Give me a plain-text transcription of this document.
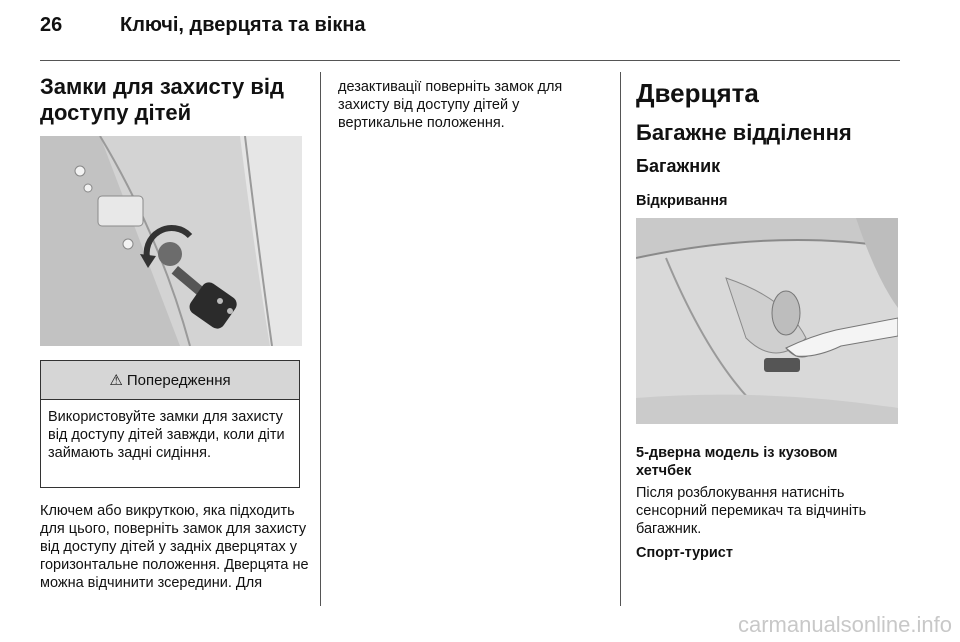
26	Ключі, дверцята та вікна
Замки для захисту від доступу дітей
⚠ Попередження
Використовуйте замки для захисту від доступу дітей завжди, коли діти займають задні сидіння.
Ключем або викруткою, яка підходить для цього, поверніть замок для захисту від доступу дітей у задніх дверцятах у горизонтальне положення. Дверцята не можна відчинити зсередини. Для
дезактивації поверніть замок для захисту від доступу дітей у вертикальне положення.
Дверцята
Багажне відділення
Багажник
Відкривання
5-дверна модель із кузовом хетчбек
Після розблокування натисніть сенсорний перемикач та відчиніть багажник.
Спорт-турист
carmanualsonline.info
